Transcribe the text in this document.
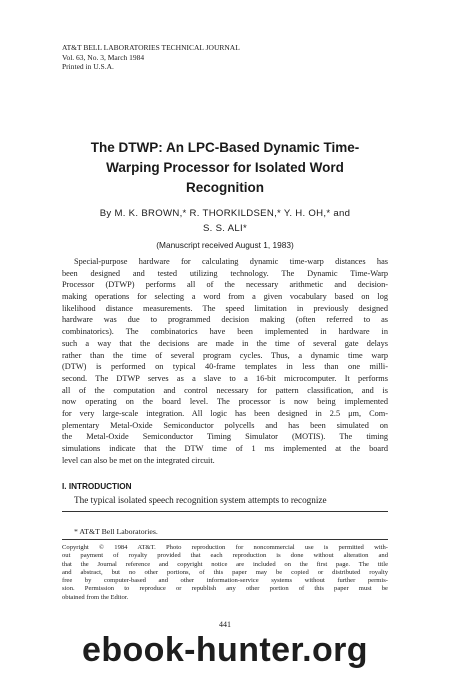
AT&T BELL LABORATORIES TECHNICAL JOURNAL
Vol. 63, No. 3, March 1984
Printed in U.S.A.
The DTWP: An LPC-Based Dynamic Time-
Warping Processor for Isolated Word
Recognition
By M. K. BROWN,* R. THORKILDSEN,* Y. H. OH,* and
S. S. ALI*
(Manuscript received August 1, 1983)
Special-purpose hardware for calculating dynamic time-warp distances has
been designed and tested utilizing technology. The Dynamic Time-Warp
Processor (DTWP) performs all of the necessary arithmetic and decision-
making operations for selecting a word from a given vocabulary based on log
likelihood distance measurements. The speed limitation in previously designed
hardware was due to programmed decision making (often referred to as
combinatorics). The combinatorics have been implemented in hardware in
such a way that the decisions are made in the time of several gate delays
rather than the time of several program cycles. Thus, a dynamic time warp
(DTW) is performed on typical 40-frame templates in less than one milli-
second. The DTWP serves as a slave to a 16-bit microcomputer. It performs
all of the computation and control necessary for pattern classification, and is
now operating on the board level. The processor is now being implemented
for very large-scale integration. All logic has been designed in 2.5 μm, Com-
plementary Metal-Oxide Semiconductor polycells and has been simulated on
the Metal-Oxide Semiconductor Timing Simulator (MOTIS). The timing
simulations indicate that the DTW time of 1 ms implemented at the board
level can also be met on the integrated circuit.
I. INTRODUCTION
The typical isolated speech recognition system attempts to recognize
* AT&T Bell Laboratories.
Copyright © 1984 AT&T. Photo reproduction for noncommercial use is permitted with-
out payment of royalty provided that each reproduction is done without alteration and
that the Journal reference and copyright notice are included on the first page. The title
and abstract, but no other portions, of this paper may be copied or distributed royalty
free by computer-based and other information-service systems without further permis-
sion. Permission to reproduce or republish any other portion of this paper must be
obtained from the Editor.
441
ebook-hunter.org
